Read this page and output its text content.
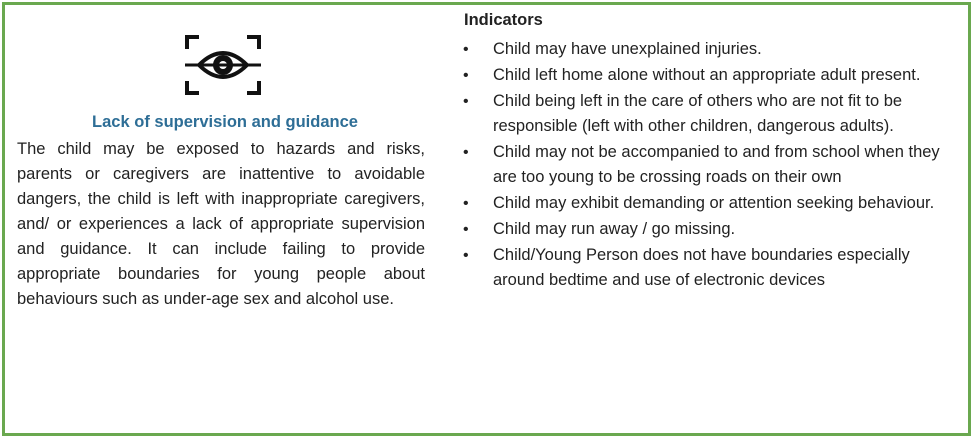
Lack of supervision and guidance
The child may be exposed to hazards and risks, parents or caregivers are inattentive to avoidable dangers, the child is left with inappropriate caregivers, and/ or experiences a lack of appropriate supervision and guidance. It can include failing to provide appropriate boundaries for young people about behaviours such as under-age sex and alcohol use.
Indicators
• Child may have unexplained injuries.
• Child left home alone without an appropriate adult present.
• Child being left in the care of others who are not fit to be responsible (left with other children, dangerous adults).
• Child may not be accompanied to and from school when they are too young to be crossing roads on their own
• Child may exhibit demanding or attention seeking behaviour.
• Child may run away / go missing.
• Child/Young Person does not have boundaries especially around bedtime and use of electronic devices
